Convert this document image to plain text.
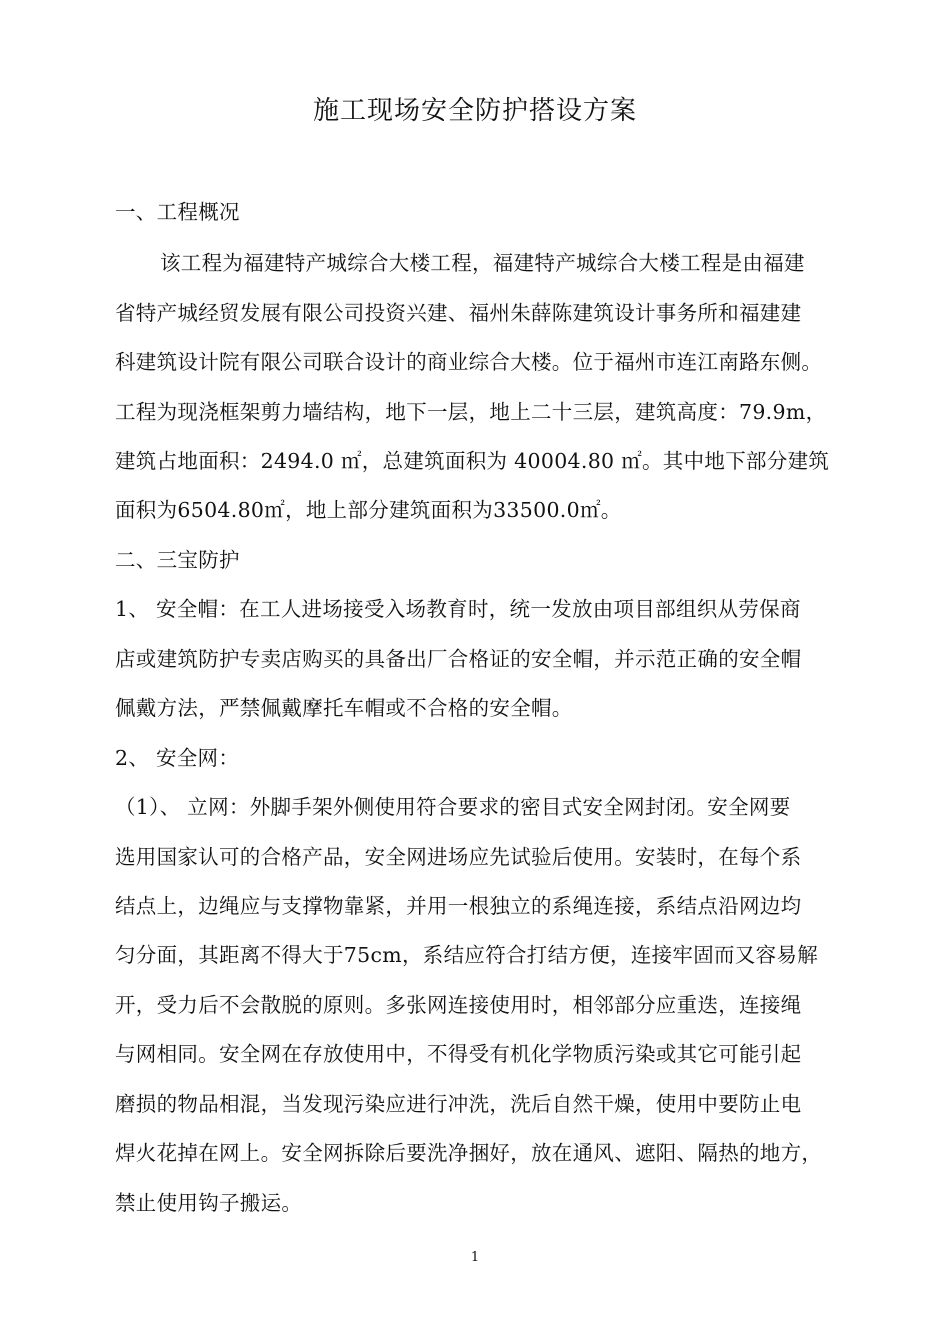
施工现场安全防护搭设方案
一、工程概况
该工程为福建特产城综合大楼工程，福建特产城综合大楼工程是由福建
省特产城经贸发展有限公司投资兴建、福州朱薛陈建筑设计事务所和福建建
科建筑设计院有限公司联合设计的商业综合大楼。位于福州市连江南路东侧。
工程为现浇框架剪力墙结构，地下一层，地上二十三层，建筑高度：79.9m，
建筑占地面积：2494.0 ㎡，总建筑面积为 40004.80 ㎡。其中地下部分建筑
面积为6504.80㎡，地上部分建筑面积为33500.0㎡。
二、三宝防护
1、 安全帽：在工人进场接受入场教育时，统一发放由项目部组织从劳保商
店或建筑防护专卖店购买的具备出厂合格证的安全帽，并示范正确的安全帽
佩戴方法，严禁佩戴摩托车帽或不合格的安全帽。
2、 安全网：
（1）、 立网：外脚手架外侧使用符合要求的密目式安全网封闭。安全网要
选用国家认可的合格产品，安全网进场应先试验后使用。安装时，在每个系
结点上，边绳应与支撑物靠紧，并用一根独立的系绳连接，系结点沿网边均
匀分面，其距离不得大于75cm，系结应符合打结方便，连接牢固而又容易解
开，受力后不会散脱的原则。多张网连接使用时，相邻部分应重迭，连接绳
与网相同。安全网在存放使用中，不得受有机化学物质污染或其它可能引起
磨损的物品相混，当发现污染应进行冲洗，洗后自然干燥，使用中要防止电
焊火花掉在网上。安全网拆除后要洗净捆好，放在通风、遮阳、隔热的地方，
禁止使用钩子搬运。
1
